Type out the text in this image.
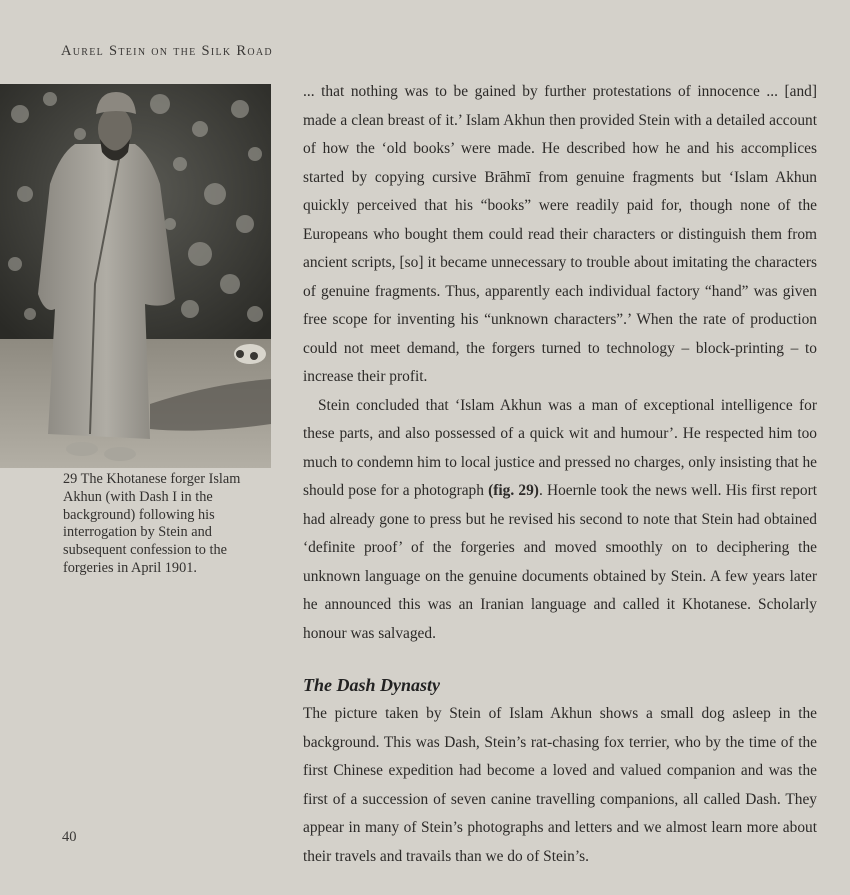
Aurel Stein on the Silk Road
29 The Khotanese forger Islam Akhun (with Dash I in the background) following his interrogation by Stein and subsequent confession to the forgeries in April 1901.

... that nothing was to be gained by further protestations of innocence ... [and] made a clean breast of it.’ Islam Akhun then provided Stein with a detailed account of how the ‘old books’ were made. He described how he and his accomplices started by copying cursive Brāhmī from genuine fragments but ‘Islam Akhun quickly perceived that his “books” were readily paid for, though none of the Europeans who bought them could read their characters or distinguish them from ancient scripts, [so] it became unnecessary to trouble about imitating the characters of genuine fragments. Thus, apparently each individual factory “hand” was given free scope for inventing his “unknown characters”.’ When the rate of production could not meet demand, the forgers turned to technology – block-printing – to increase their profit.

Stein concluded that ‘Islam Akhun was a man of exceptional intelligence for these parts, and also possessed of a quick wit and humour’. He respected him too much to condemn him to local justice and pressed no charges, only insisting that he should pose for a photograph (fig. 29). Hoernle took the news well. His first report had already gone to press but he revised his second to note that Stein had obtained ‘definite proof’ of the forgeries and moved smoothly on to deciphering the unknown language on the genuine documents obtained by Stein. A few years later he announced this was an Iranian language and called it Khotanese. Scholarly honour was salvaged.

The Dash Dynasty

The picture taken by Stein of Islam Akhun shows a small dog asleep in the background. This was Dash, Stein’s rat-chasing fox terrier, who by the time of the first Chinese expedition had become a loved and valued companion and was the first of a succession of seven canine travelling companions, all called Dash. They appear in many of Stein’s photographs and letters and we almost learn more about their travels and travails than we do of Stein’s.

40
